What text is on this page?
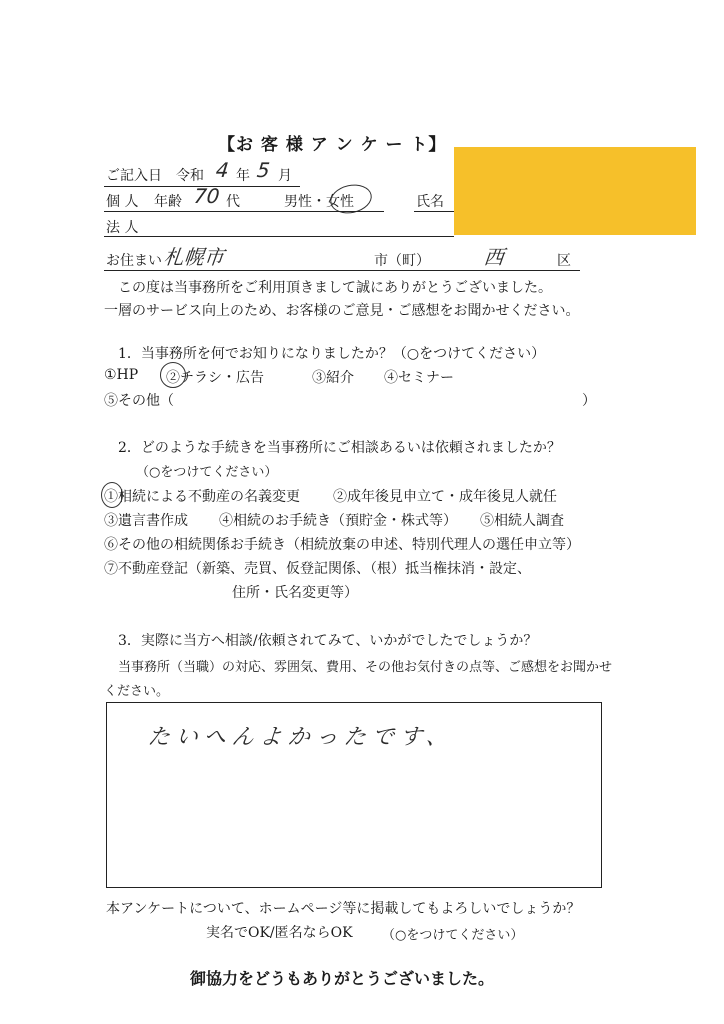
【お 客 様 ア ン ケ ー ト】
ご記入日 令和 4 年 5 月
個 人 年齢 70 代	男性・女性	氏名
法 人
お住まい 札幌市	市（町）	西	区
この度は当事務所をご利用頂きまして誠にありがとうございました。
一層のサービス向上のため、お客様のご意見・ご感想をお聞かせください。
1．当事務所を何でお知りになりましたか？（○をつけてください）
①HP ②チラシ・広告	③紹介 ④セミナー
⑤その他（	）
2．どのような手続きを当事務所にご相談あるいは依頼されましたか？
（○をつけてください）
①相続による不動産の名義変更 ②成年後見申立て・成年後見人就任
③遺言書作成 ④相続のお手続き（預貯金・株式等） ⑤相続人調査
⑥その他の相続関係お手続き（相続放棄の申述、特別代理人の選任申立等）
⑦不動産登記（新築、売買、仮登記関係、（根）抵当権抹消・設定、
住所・氏名変更等）
3．実際に当方へ相談/依頼されてみて、いかがでしたでしょうか？
当事務所（当職）の対応、雰囲気、費用、その他お気付きの点等、ご感想をお聞かせ
ください。
たいへんよかったです、
本アンケートについて、ホームページ等に掲載してもよろしいでしょうか？
実名でOK/匿名ならOK （○をつけてください）
御協力をどうもありがとうございました。
